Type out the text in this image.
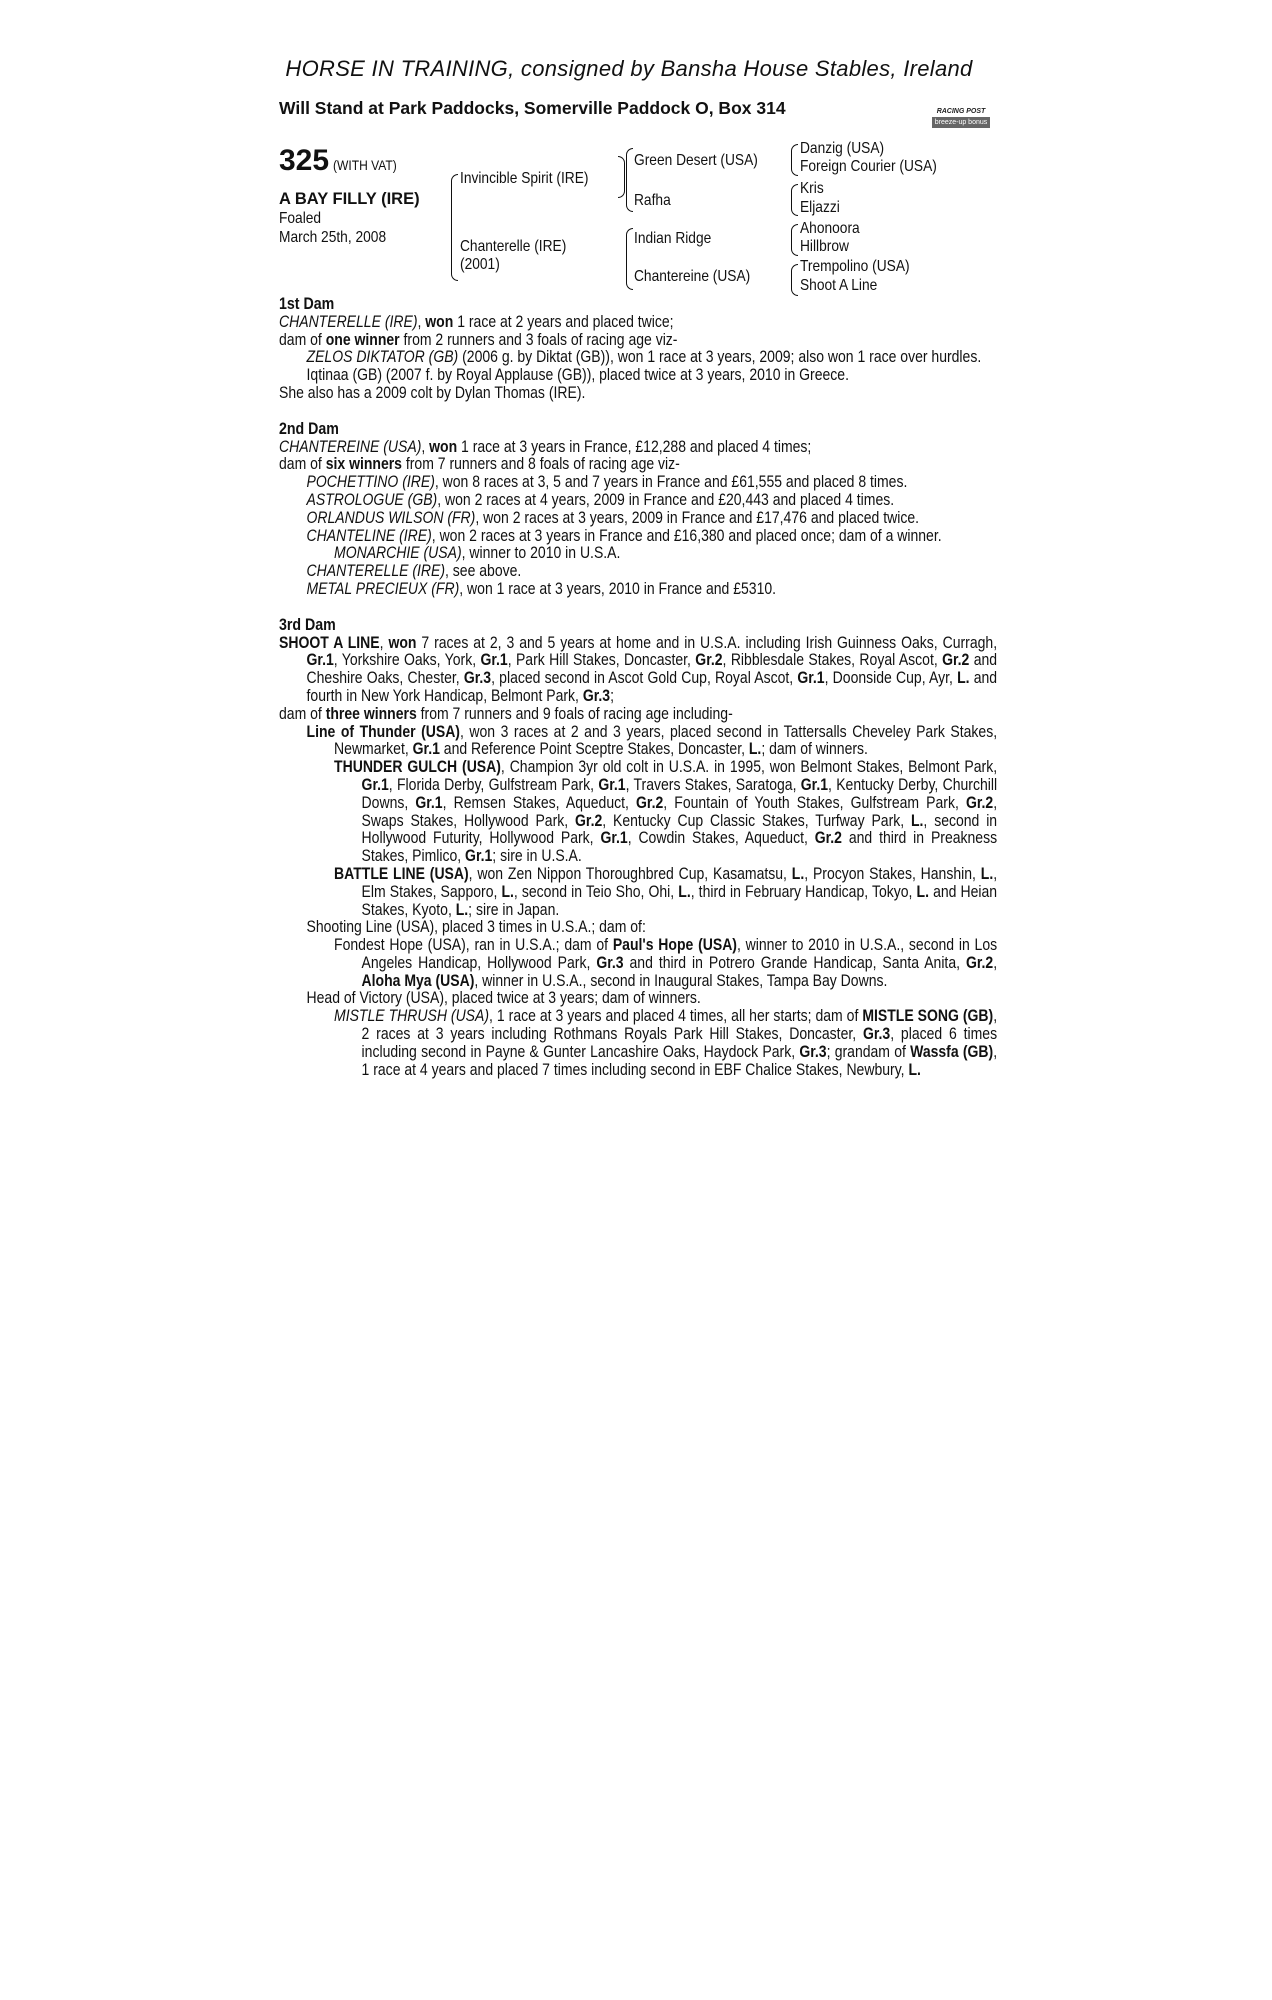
HORSE IN TRAINING, consigned by Bansha House Stables, Ireland
Will Stand at Park Paddocks, Somerville Paddock O, Box 314	RACING POST
breeze-up bonus
325 (WITH VAT)
A BAY FILLY (IRE)
Foaled
March 25th, 2008
Invincible Spirit (IRE)
Chanterelle (IRE)
(2001)
Green Desert (USA)
Rafha
Indian Ridge
Chantereine (USA)
Danzig (USA)
Foreign Courier (USA)
Kris
Eljazzi
Ahonoora
Hillbrow
Trempolino (USA)
Shoot A Line

1st Dam

CHANTERELLE (IRE), won 1 race at 2 years and placed twice;

dam of one winner from 2 runners and 3 foals of racing age viz-

ZELOS DIKTATOR (GB) (2006 g. by Diktat (GB)), won 1 race at 3 years, 2009; also won 1 race over hurdles.

Iqtinaa (GB) (2007 f. by Royal Applause (GB)), placed twice at 3 years, 2010 in Greece.

She also has a 2009 colt by Dylan Thomas (IRE).

2nd Dam

CHANTEREINE (USA), won 1 race at 3 years in France, £12,288 and placed 4 times;

dam of six winners from 7 runners and 8 foals of racing age viz-

POCHETTINO (IRE), won 8 races at 3, 5 and 7 years in France and £61,555 and placed 8 times.

ASTROLOGUE (GB), won 2 races at 4 years, 2009 in France and £20,443 and placed 4 times.

ORLANDUS WILSON (FR), won 2 races at 3 years, 2009 in France and £17,476 and placed twice.

CHANTELINE (IRE), won 2 races at 3 years in France and £16,380 and placed once; dam of a winner.

MONARCHIE (USA), winner to 2010 in U.S.A.

CHANTERELLE (IRE), see above.

METAL PRECIEUX (FR), won 1 race at 3 years, 2010 in France and £5310.

3rd Dam

SHOOT A LINE, won 7 races at 2, 3 and 5 years at home and in U.S.A. including Irish Guinness Oaks, Curragh, Gr.1, Yorkshire Oaks, York, Gr.1, Park Hill Stakes, Doncaster, Gr.2, Ribblesdale Stakes, Royal Ascot, Gr.2 and Cheshire Oaks, Chester, Gr.3, placed second in Ascot Gold Cup, Royal Ascot, Gr.1, Doonside Cup, Ayr, L. and fourth in New York Handicap, Belmont Park, Gr.3;

dam of three winners from 7 runners and 9 foals of racing age including-

Line of Thunder (USA), won 3 races at 2 and 3 years, placed second in Tattersalls Cheveley Park Stakes, Newmarket, Gr.1 and Reference Point Sceptre Stakes, Doncaster, L.; dam of winners.

THUNDER GULCH (USA), Champion 3yr old colt in U.S.A. in 1995, won Belmont Stakes, Belmont Park, Gr.1, Florida Derby, Gulfstream Park, Gr.1, Travers Stakes, Saratoga, Gr.1, Kentucky Derby, Churchill Downs, Gr.1, Remsen Stakes, Aqueduct, Gr.2, Fountain of Youth Stakes, Gulfstream Park, Gr.2, Swaps Stakes, Hollywood Park, Gr.2, Kentucky Cup Classic Stakes, Turfway Park, L., second in Hollywood Futurity, Hollywood Park, Gr.1, Cowdin Stakes, Aqueduct, Gr.2 and third in Preakness Stakes, Pimlico, Gr.1; sire in U.S.A.

BATTLE LINE (USA), won Zen Nippon Thoroughbred Cup, Kasamatsu, L., Procyon Stakes, Hanshin, L., Elm Stakes, Sapporo, L., second in Teio Sho, Ohi, L., third in February Handicap, Tokyo, L. and Heian Stakes, Kyoto, L.; sire in Japan.

Shooting Line (USA), placed 3 times in U.S.A.; dam of:

Fondest Hope (USA), ran in U.S.A.; dam of Paul's Hope (USA), winner to 2010 in U.S.A., second in Los Angeles Handicap, Hollywood Park, Gr.3 and third in Potrero Grande Handicap, Santa Anita, Gr.2, Aloha Mya (USA), winner in U.S.A., second in Inaugural Stakes, Tampa Bay Downs.

Head of Victory (USA), placed twice at 3 years; dam of winners.

MISTLE THRUSH (USA), 1 race at 3 years and placed 4 times, all her starts; dam of MISTLE SONG (GB), 2 races at 3 years including Rothmans Royals Park Hill Stakes, Doncaster, Gr.3, placed 6 times including second in Payne & Gunter Lancashire Oaks, Haydock Park, Gr.3; grandam of Wassfa (GB), 1 race at 4 years and placed 7 times including second in EBF Chalice Stakes, Newbury, L.
